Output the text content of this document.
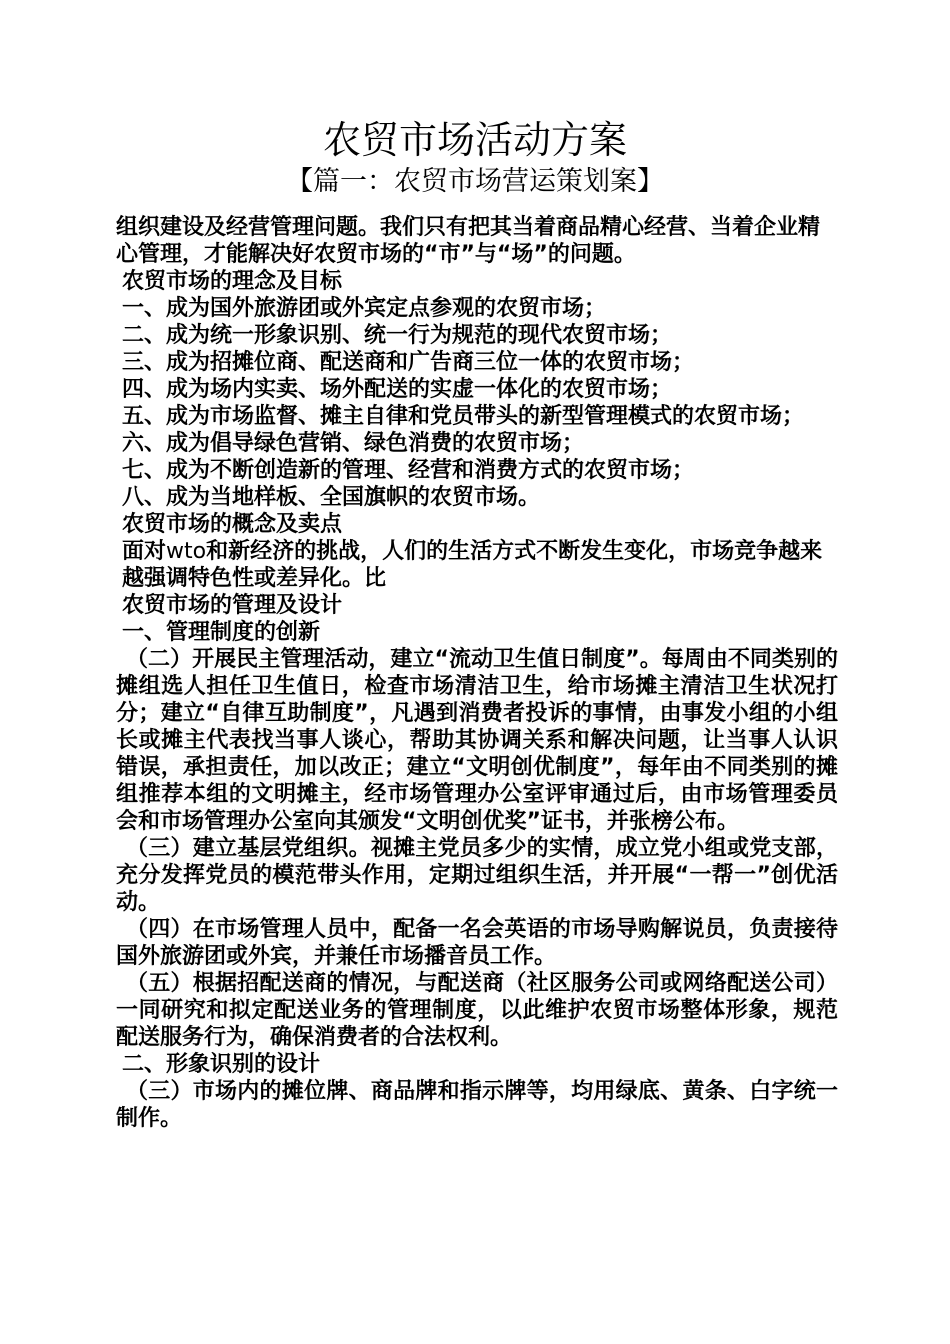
农贸市场活动方案
【篇一：农贸市场营运策划案】

组织建设及经营管理问题。我们只有把其当着商品精心经营、当着企业精心管理，才能解决好农贸市场的“市”与“场”的问题。

农贸市场的理念及目标

一、成为国外旅游团或外宾定点参观的农贸市场；

二、成为统一形象识别、统一行为规范的现代农贸市场；

三、成为招摊位商、配送商和广告商三位一体的农贸市场；

四、成为场内实卖、场外配送的实虚一体化的农贸市场；

五、成为市场监督、摊主自律和党员带头的新型管理模式的农贸市场；

六、成为倡导绿色营销、绿色消费的农贸市场；

七、成为不断创造新的管理、经营和消费方式的农贸市场；

八、成为当地样板、全国旗帜的农贸市场。

农贸市场的概念及卖点

面对wto和新经济的挑战，人们的生活方式不断发生变化，市场竞争越来越强调特色性或差异化。比

农贸市场的管理及设计

一、管理制度的创新

（二）开展民主管理活动，建立“流动卫生值日制度”。每周由不同类别的摊组选人担任卫生值日，检查市场清洁卫生，给市场摊主清洁卫生状况打分；建立“自律互助制度”，凡遇到消费者投诉的事情，由事发小组的小组长或摊主代表找当事人谈心，帮助其协调关系和解决问题，让当事人认识错误，承担责任，加以改正；建立“文明创优制度”，每年由不同类别的摊组推荐本组的文明摊主，经市场管理办公室评审通过后，由市场管理委员会和市场管理办公室向其颁发“文明创优奖”证书，并张榜公布。

（三）建立基层党组织。视摊主党员多少的实情，成立党小组或党支部，充分发挥党员的模范带头作用，定期过组织生活，并开展“一帮一”创优活动。

（四）在市场管理人员中，配备一名会英语的市场导购解说员，负责接待国外旅游团或外宾，并兼任市场播音员工作。

（五）根据招配送商的情况，与配送商（社区服务公司或网络配送公司）一同研究和拟定配送业务的管理制度，以此维护农贸市场整体形象，规范配送服务行为，确保消费者的合法权利。

二、形象识别的设计

（三）市场内的摊位牌、商品牌和指示牌等，均用绿底、黄条、白字统一制作。
